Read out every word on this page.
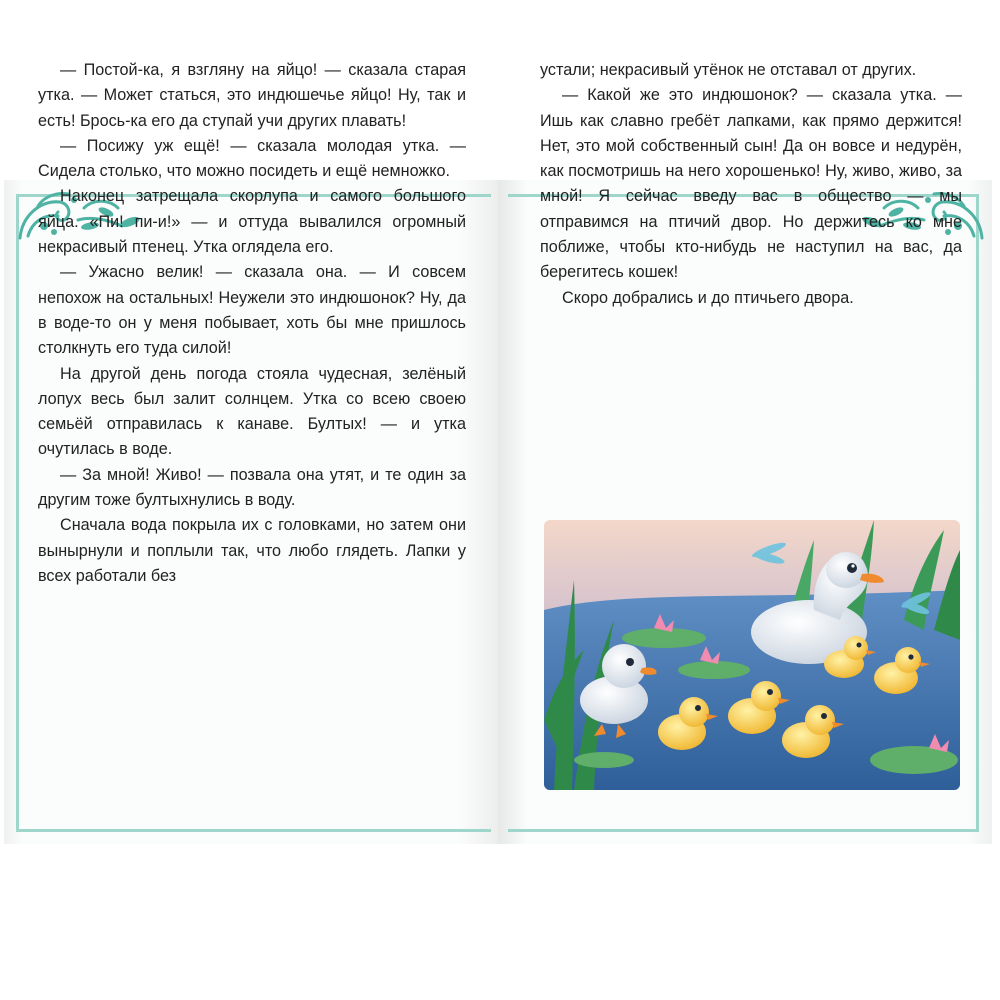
— Постой-ка, я взгляну на яйцо! — сказала старая утка. — Может статься, это индюшечье яйцо! Ну, так и есть! Брось-ка его да ступай учи других плавать!

— Посижу уж ещё! — сказала молодая утка. — Сидела столько, что можно посидеть и ещё немножко.

Наконец затрещала скорлупа и самого большого яйца. «Пи! пи-и!» — и оттуда вывалился огромный некрасивый птенец. Утка оглядела его.

— Ужасно велик! — сказала она. — И совсем непохож на остальных! Неужели это индюшонок? Ну, да в воде-то он у меня побывает, хоть бы мне пришлось столкнуть его туда силой!

На другой день погода стояла чудесная, зелёный лопух весь был залит солнцем. Утка со всею своею семьёй отправилась к канаве. Бултых! — и утка очутилась в воде.

— За мной! Живо! — позвала она утят, и те один за другим тоже бултыхнулись в воду.

Сначала вода покрыла их с головками, но затем они вынырнули и поплыли так, что любо глядеть. Лапки у всех работали без

устали; некрасивый утёнок не отставал от других.

— Какой же это индюшонок? — сказала утка. — Ишь как славно гребёт лапками, как прямо держится! Нет, это мой собственный сын! Да он вовсе и недурён, как посмотришь на него хорошенько! Ну, живо, живо, за мной! Я сейчас введу вас в общество — мы отправимся на птичий двор. Но держитесь ко мне поближе, чтобы кто-нибудь не наступил на вас, да берегитесь кошек!

Скоро добрались и до птичьего двора.
